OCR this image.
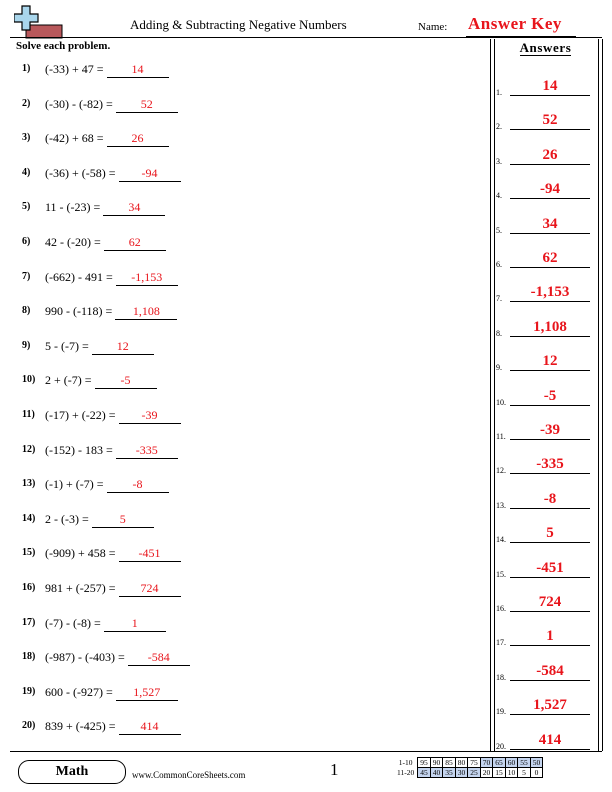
Adding & Subtracting Negative Numbers	Name: Answer Key
Solve each problem.
1) (-33) + 47 = 14
2) (-30) - (-82) = 52
3) (-42) + 68 = 26
4) (-36) + (-58) = -94
5) 11 - (-23) = 34
6) 42 - (-20) = 62
7) (-662) - 491 = -1,153
8) 990 - (-118) = 1,108
9) 5 - (-7) = 12
10) 2 + (-7) = -5
11) (-17) + (-22) = -39
12) (-152) - 183 = -335
13) (-1) + (-7) = -8
14) 2 - (-3) =	5
15) (-909) + 458 = -451
16) 981 + (-257) = 724
17) (-7) - (-8) =	1
18) (-987) - (-403) = -584
19) 600 - (-927) = 1,527
20) 839 + (-425) = 414
Answers
1.	14
2.	52
3.	26
4.	-94
5.	34
6.	62
7.	-1,153
8.	1,108
9.	12
10.	-5
11.	-39
12.	-335
13.	-8
14.	5
15.	-451
16.	724
17.	1
18.	-584
19.	1,527
20.	414
Math	www.CommonCoreSheets.com	1	1-10	95	90	85	80	75	70	65	60	55	50
11-20	45	40	35	30	25	20	15	10	5	0
